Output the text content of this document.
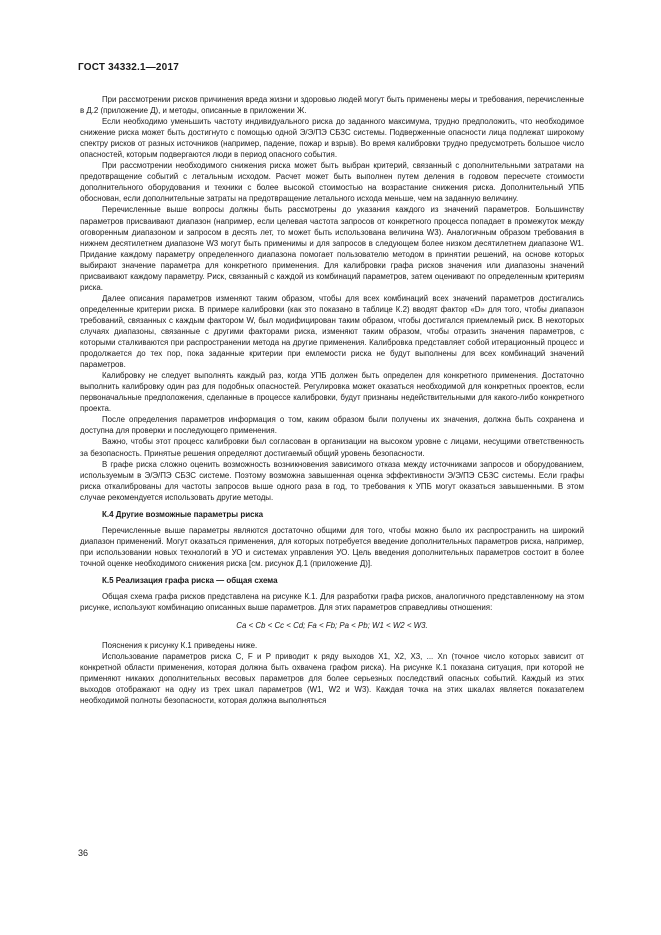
ГОСТ 34332.1—2017

При рассмотрении рисков причинения вреда жизни и здоровью людей могут быть применены меры и требования, перечисленные в Д.2 (приложение Д), и методы, описанные в приложении Ж.

Если необходимо уменьшить частоту индивидуального риска до заданного максимума, трудно предположить, что необходимое снижение риска может быть достигнуто с помощью одной Э/Э/ПЭ СБЗС системы. Подверженные опасности лица подлежат широкому спектру рисков от разных источников (например, падение, пожар и взрыв). Во время калибровки трудно предусмотреть большое число опасностей, которым подвергаются люди в период опасного события.

При рассмотрении необходимого снижения риска может быть выбран критерий, связанный с дополнительными затратами на предотвращение событий с летальным исходом. Расчет может быть выполнен путем деления в годовом пересчете стоимости дополнительного оборудования и техники с более высокой стоимостью на возрастание снижения риска. Дополнительный УПБ обоснован, если дополнительные затраты на предотвращение летального исхода меньше, чем на заданную величину.

Перечисленные выше вопросы должны быть рассмотрены до указания каждого из значений параметров. Большинству параметров присваивают диапазон (например, если целевая частота запросов от конкретного процесса попадает в промежуток между оговоренным диапазоном и запросом в десять лет, то может быть использована величина W3). Аналогичным образом требования в нижнем десятилетнем диапазоне W3 могут быть применимы и для запросов в следующем более низком десятилетнем диапазоне W1. Придание каждому параметру определенного диапазона помогает пользователю методом в принятии решений, на основе которых выбирают значение параметра для конкретного применения. Для калибровки графа рисков значения или диапазоны значений присваивают каждому параметру. Риск, связанный с каждой из комбинаций параметров, затем оценивают по определенным критериям риска.

Далее описания параметров изменяют таким образом, чтобы для всех комбинаций всех значений параметров достигались определенные критерии риска. В примере калибровки (как это показано в таблице К.2) вводят фактор «D» для того, чтобы диапазон требований, связанных с каждым фактором W, был модифицирован таким образом, чтобы достигался приемлемый риск. В некоторых случаях диапазоны, связанные с другими факторами риска, изменяют таким образом, чтобы отразить значения параметров, с которыми сталкиваются при распространении метода на другие применения. Калибровка представляет собой итерационный процесс и продолжается до тех пор, пока заданные критерии при емлемости риска не будут выполнены для всех комбинаций значений параметров.

Калибровку не следует выполнять каждый раз, когда УПБ должен быть определен для конкретного применения. Достаточно выполнить калибровку один раз для подобных опасностей. Регулировка может оказаться необходимой для конкретных проектов, если первоначальные предположения, сделанные в процессе калибровки, будут признаны недействительными для какого-либо конкретного проекта.

После определения параметров информация о том, каким образом были получены их значения, должна быть сохранена и доступна для проверки и последующего применения.

Важно, чтобы этот процесс калибровки был согласован в организации на высоком уровне с лицами, несущими ответственность за безопасность. Принятые решения определяют достигаемый общий уровень безопасности.

В графе риска сложно оценить возможность возникновения зависимого отказа между источниками запросов и оборудованием, используемым в Э/Э/ПЭ СБЗС системе. Поэтому возможна завышенная оценка эффективности Э/Э/ПЭ СБЗС системы. Если графы риска откалиброваны для частоты запросов выше одного раза в год, то требования к УПБ могут оказаться завышенными. В этом случае рекомендуется использовать другие методы.

К.4 Другие возможные параметры риска

Перечисленные выше параметры являются достаточно общими для того, чтобы можно было их распространить на широкий диапазон применений. Могут оказаться применения, для которых потребуется введение дополнительных параметров риска, например, при использовании новых технологий в УО и системах управления УО. Цель введения дополнительных параметров состоит в более точной оценке необходимого снижения риска [см. рисунок Д.1 (приложение Д)].

К.5 Реализация графа риска — общая схема

Общая схема графа рисков представлена на рисунке К.1. Для разработки графа рисков, аналогичного представленному на этом рисунке, используют комбинацию описанных выше параметров. Для этих параметров справедливы отношения:

Ca < Cb < Cc < Cd; Fa < Fb; Pa < Pb; W1 < W2 < W3.

Пояснения к рисунку К.1 приведены ниже.

Использование параметров риска С, F и Р приводит к ряду выходов Х1, Х2, Х3, ... Хn (точное число которых зависит от конкретной области применения, которая должна быть охвачена графом риска). На рисунке К.1 показана ситуация, при которой не применяют никаких дополнительных весовых параметров для более серьезных последствий опасных событий. Каждый из этих выходов отображают на одну из трех шкал параметров (W1, W2 и W3). Каждая точка на этих шкалах является показателем необходимой полноты безопасности, которая должна выполняться

36
